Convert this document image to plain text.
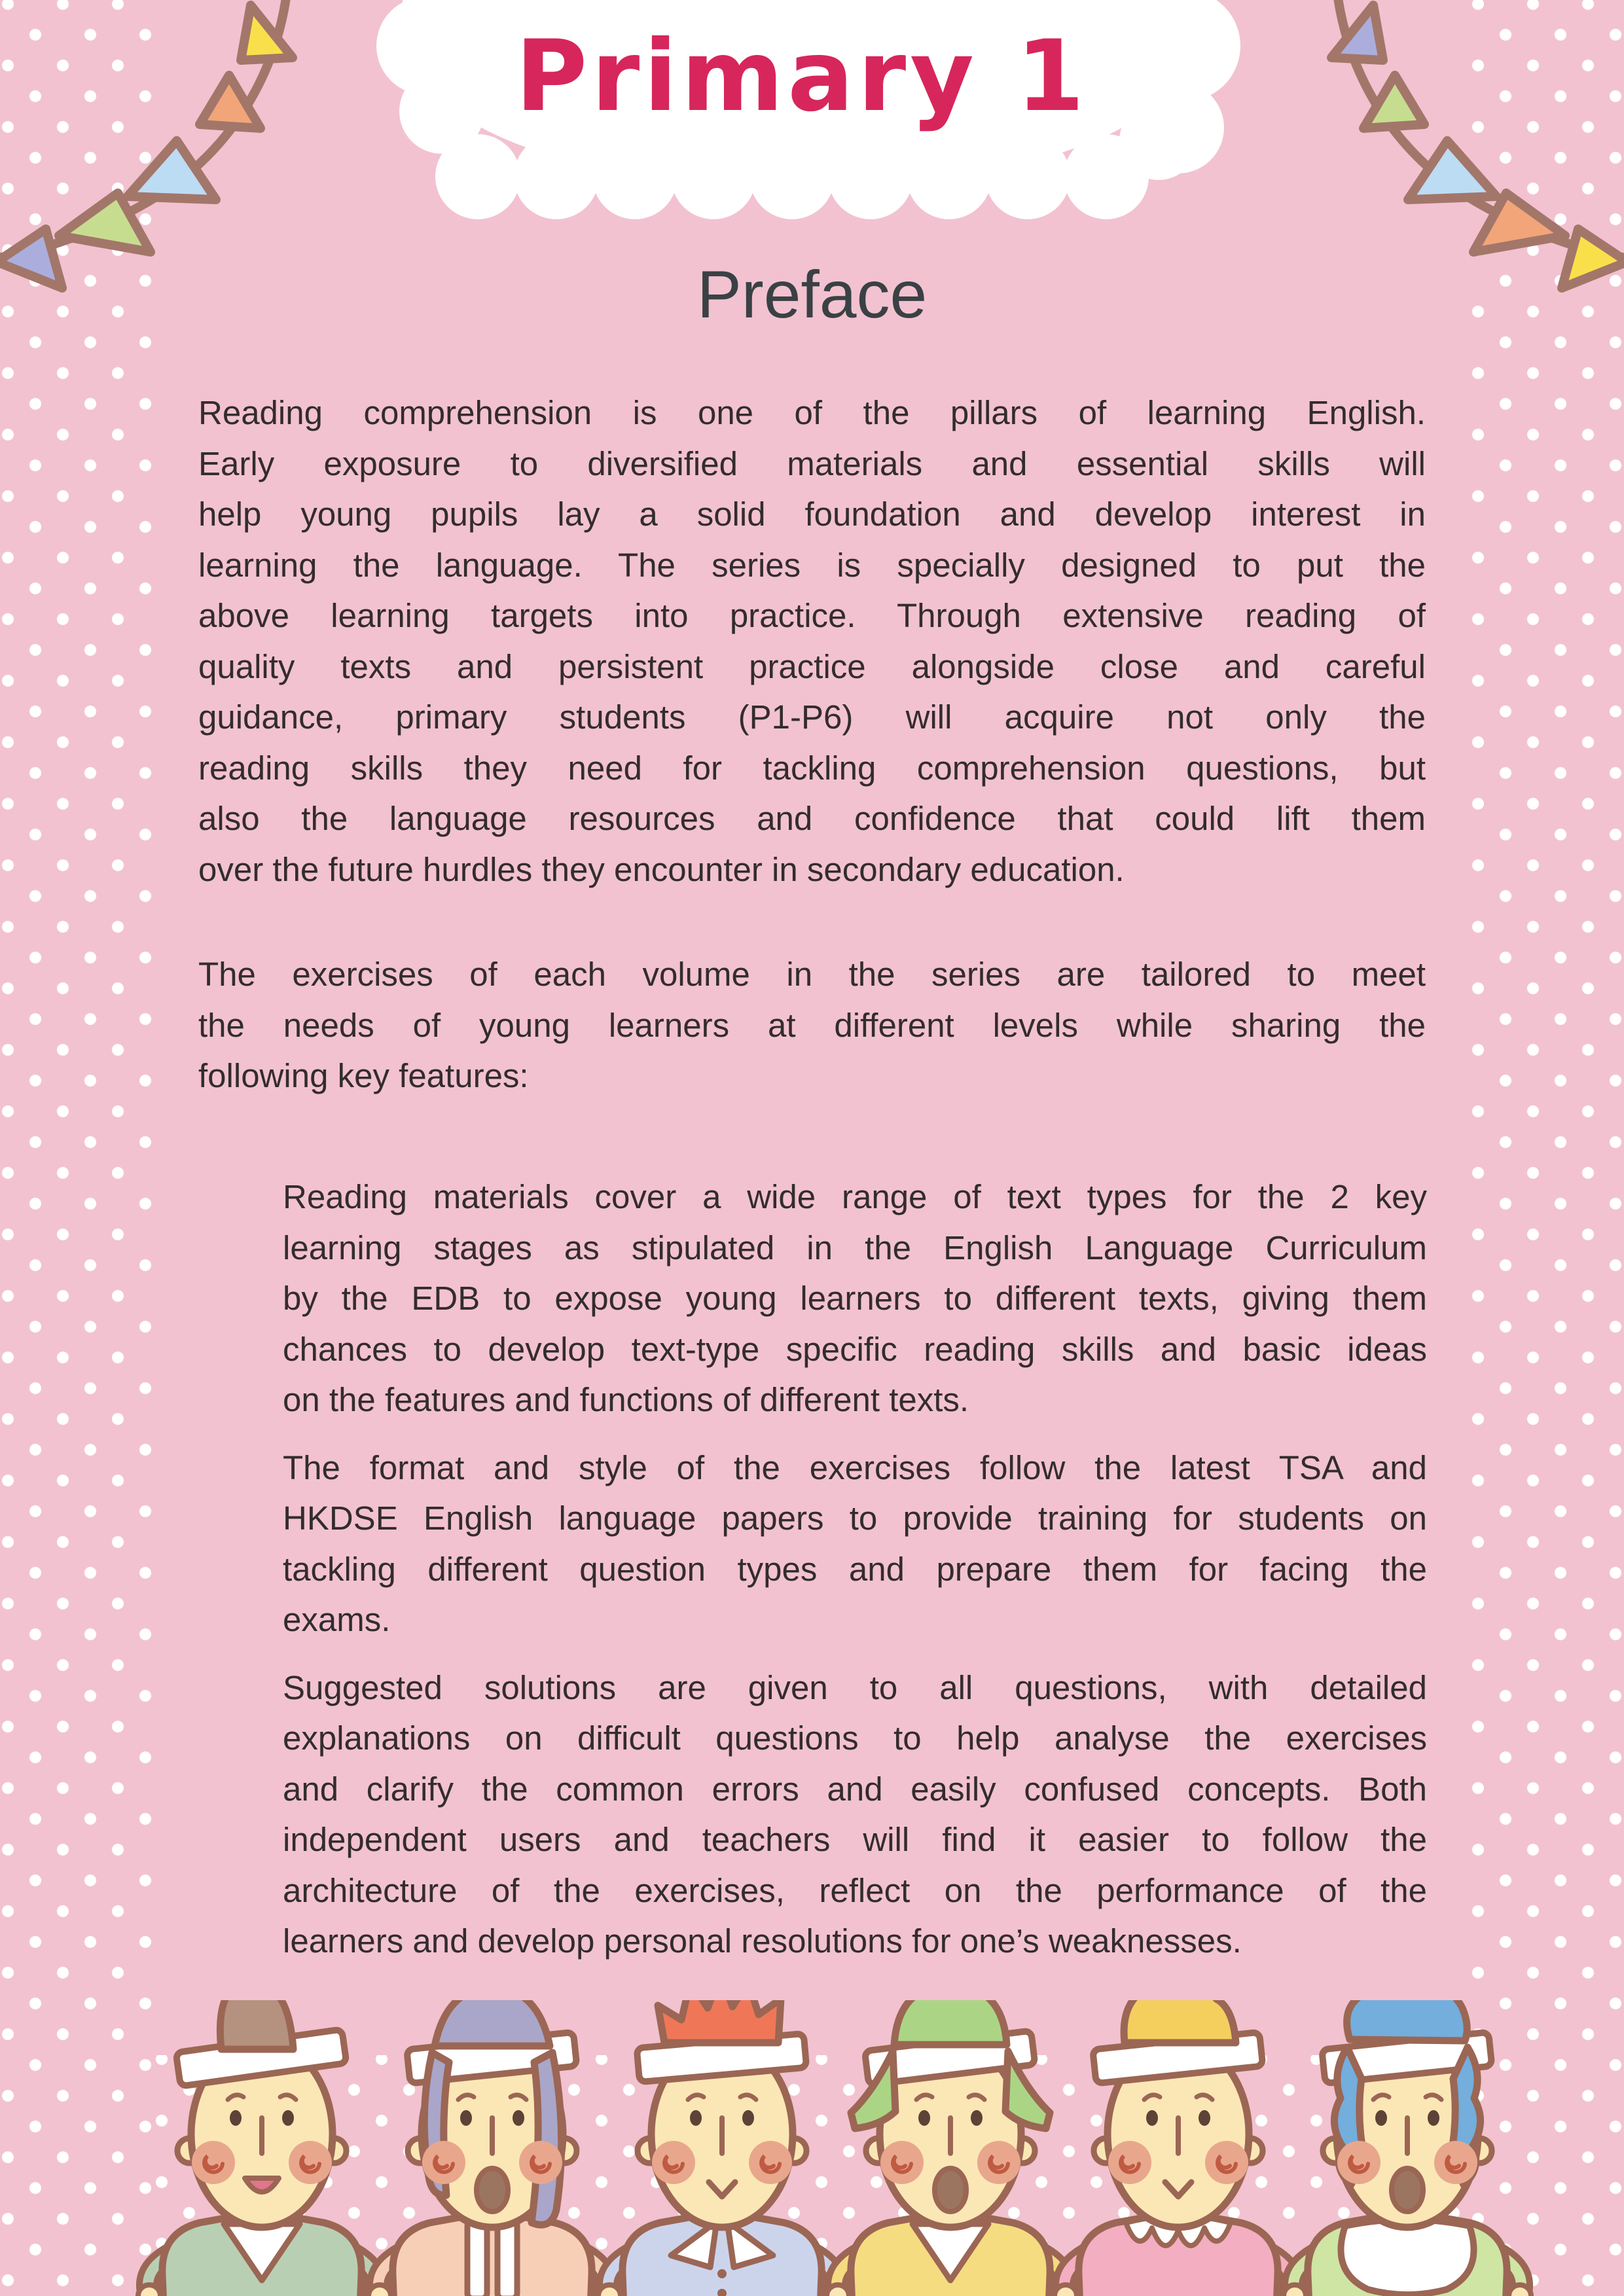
Primary 1
Preface
Reading comprehension is one of the pillars of learning English.
Early exposure to diversified materials and essential skills will
help young pupils lay a solid foundation and develop interest in
learning the language. The series is specially designed to put the
above learning targets into practice. Through extensive reading of
quality texts and persistent practice alongside close and careful
guidance, primary students (P1-P6) will acquire not only the
reading skills they need for tackling comprehension questions, but
also the language resources and confidence that could lift them
over the future hurdles they encounter in secondary education.
The exercises of each volume in the series are tailored to meet
the needs of young learners at different levels while sharing the
following key features:
Reading materials cover a wide range of text types for the 2 key
learning stages as stipulated in the English Language Curriculum
by the EDB to expose young learners to different texts, giving them
chances to develop text-type specific reading skills and basic ideas
on the features and functions of different texts.
The format and style of the exercises follow the latest TSA and
HKDSE English language papers to provide training for students on
tackling different question types and prepare them for facing the
exams.
Suggested solutions are given to all questions, with detailed
explanations on difficult questions to help analyse the exercises
and clarify the common errors and easily confused concepts. Both
independent users and teachers will find it easier to follow the
architecture of the exercises, reflect on the performance of the
learners and develop personal resolutions for one’s weaknesses.
